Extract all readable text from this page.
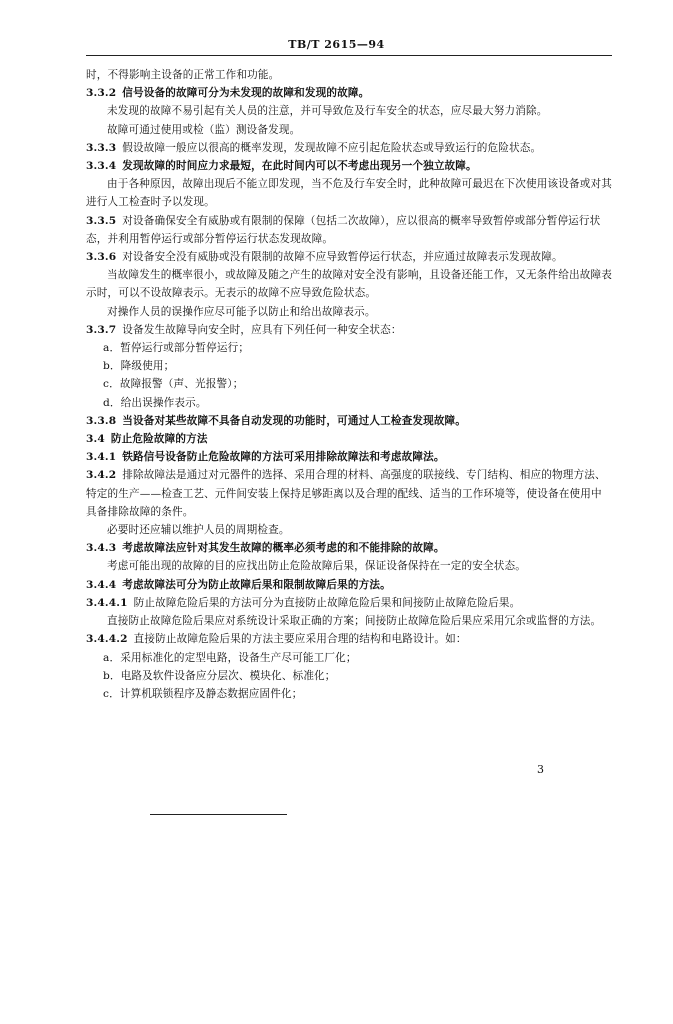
TB/T 2615—94

时，不得影响主设备的正常工作和功能。

3.3.2 信号设备的故障可分为未发现的故障和发现的故障。

未发现的故障不易引起有关人员的注意，并可导致危及行车安全的状态，应尽最大努力消除。

故障可通过使用或检（监）测设备发现。

3.3.3 假设故障一般应以很高的概率发现，发现故障不应引起危险状态或导致运行的危险状态。

3.3.4 发现故障的时间应力求最短，在此时间内可以不考虑出现另一个独立故障。

由于各种原因，故障出现后不能立即发现，当不危及行车安全时，此种故障可最迟在下次使用该设备或对其进行人工检查时予以发现。

3.3.5 对设备确保安全有威胁或有限制的保障（包括二次故障），应以很高的概率导致暂停或部分暂停运行状态，并利用暂停运行或部分暂停运行状态发现故障。

3.3.6 对设备安全没有威胁或没有限制的故障不应导致暂停运行状态，并应通过故障表示发现故障。

当故障发生的概率很小，或故障及随之产生的故障对安全没有影响，且设备还能工作，又无条件给出故障表示时，可以不设故障表示。无表示的故障不应导致危险状态。

对操作人员的误操作应尽可能予以防止和给出故障表示。

3.3.7 设备发生故障导向安全时，应具有下列任何一种安全状态：

a．暂停运行或部分暂停运行；

b．降级使用；

c．故障报警（声、光报警）；

d．给出误操作表示。

3.3.8 当设备对某些故障不具备自动发现的功能时，可通过人工检查发现故障。

3.4 防止危险故障的方法

3.4.1 铁路信号设备防止危险故障的方法可采用排除故障法和考虑故障法。

3.4.2 排除故障法是通过对元器件的选择、采用合理的材料、高强度的联接线、专门结构、相应的物理方法、特定的生产——检查工艺、元件间安装上保持足够距离以及合理的配线、适当的工作环境等，使设备在使用中具备排除故障的条件。

必要时还应辅以维护人员的周期检查。

3.4.3 考虑故障法应针对其发生故障的概率必须考虑的和不能排除的故障。

考虑可能出现的故障的目的应找出防止危险故障后果，保证设备保持在一定的安全状态。

3.4.4 考虑故障法可分为防止故障后果和限制故障后果的方法。

3.4.4.1 防止故障危险后果的方法可分为直接防止故障危险后果和间接防止故障危险后果。

直接防止故障危险后果应对系统设计采取正确的方案；间接防止故障危险后果应采用冗余或监督的方法。

3.4.4.2 直接防止故障危险后果的方法主要应采用合理的结构和电路设计。如：

a．采用标准化的定型电路，设备生产尽可能工厂化；

b．电路及软件设备应分层次、模块化、标准化；

c．计算机联锁程序及静态数据应固件化；

3
